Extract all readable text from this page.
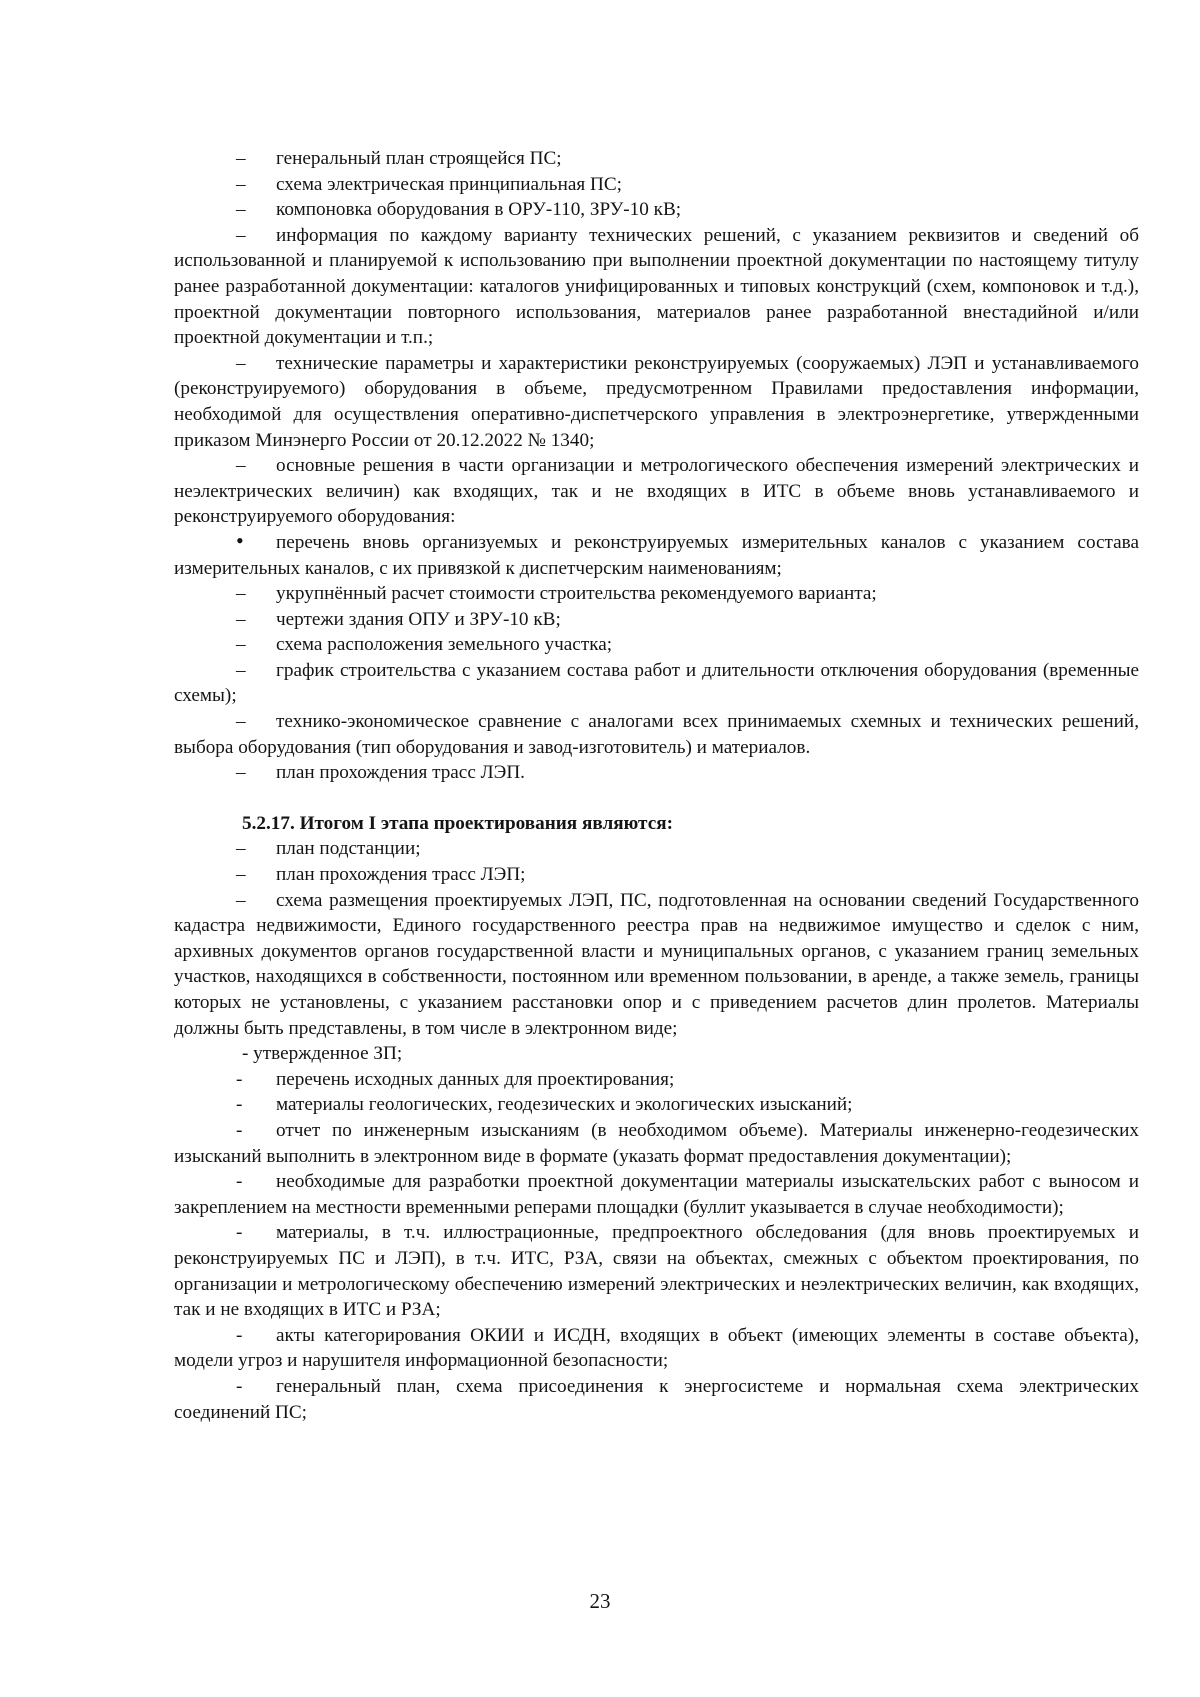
– генеральный план строящейся ПС;

– схема электрическая принципиальная ПС;

– компоновка оборудования в ОРУ-110, ЗРУ-10 кВ;

– информация по каждому варианту технических решений, с указанием реквизитов и сведений об использованной и планируемой к использованию при выполнении проектной документации по настоящему титулу ранее разработанной документации: каталогов унифицированных и типовых конструкций (схем, компоновок и т.д.), проектной документации повторного использования, материалов ранее разработанной внестадийной и/или проектной документации и т.п.;

– технические параметры и характеристики реконструируемых (сооружаемых) ЛЭП и устанавливаемого (реконструируемого) оборудования в объеме, предусмотренном Правилами предоставления информации, необходимой для осуществления оперативно-диспетчерского управления в электроэнергетике, утвержденными приказом Минэнерго России от 20.12.2022 № 1340;

– основные решения в части организации и метрологического обеспечения измерений электрических и неэлектрических величин) как входящих, так и не входящих в ИТС в объеме вновь устанавливаемого и реконструируемого оборудования:

• перечень вновь организуемых и реконструируемых измерительных каналов с указанием состава измерительных каналов, с их привязкой к диспетчерским наименованиям;

– укрупнённый расчет стоимости строительства рекомендуемого варианта;

– чертежи здания ОПУ и ЗРУ-10 кВ;

– схема расположения земельного участка;

– график строительства с указанием состава работ и длительности отключения оборудования (временные схемы);

– технико-экономическое сравнение с аналогами всех принимаемых схемных и технических решений, выбора оборудования (тип оборудования и завод-изготовитель) и материалов.

– план прохождения трасс ЛЭП.

5.2.17. Итогом I этапа проектирования являются:

– план подстанции;

– план прохождения трасс ЛЭП;

– схема размещения проектируемых ЛЭП, ПС, подготовленная на основании сведений Государственного кадастра недвижимости, Единого государственного реестра прав на недвижимое имущество и сделок с ним, архивных документов органов государственной власти и муниципальных органов, с указанием границ земельных участков, находящихся в собственности, постоянном или временном пользовании, в аренде, а также земель, границы которых не установлены, с указанием расстановки опор и с приведением расчетов длин пролетов. Материалы должны быть представлены, в том числе в электронном виде;

- утвержденное ЗП;

- перечень исходных данных для проектирования;

- материалы геологических, геодезических и экологических изысканий;

- отчет по инженерным изысканиям (в необходимом объеме). Материалы инженерно-геодезических изысканий выполнить в электронном виде в формате (указать формат предоставления документации);

- необходимые для разработки проектной документации материалы изыскательских работ с выносом и закреплением на местности временными реперами площадки (буллит указывается в случае необходимости);

- материалы, в т.ч. иллюстрационные, предпроектного обследования (для вновь проектируемых и реконструируемых ПС и ЛЭП), в т.ч. ИТС, РЗА, связи на объектах, смежных с объектом проектирования, по организации и метрологическому обеспечению измерений электрических и неэлектрических величин, как входящих, так и не входящих в ИТС и РЗА;

- акты категорирования ОКИИ и ИСДН, входящих в объект (имеющих элементы в составе объекта), модели угроз и нарушителя информационной безопасности;

- генеральный план, схема присоединения к энергосистеме и нормальная схема электрических соединений ПС;

23
